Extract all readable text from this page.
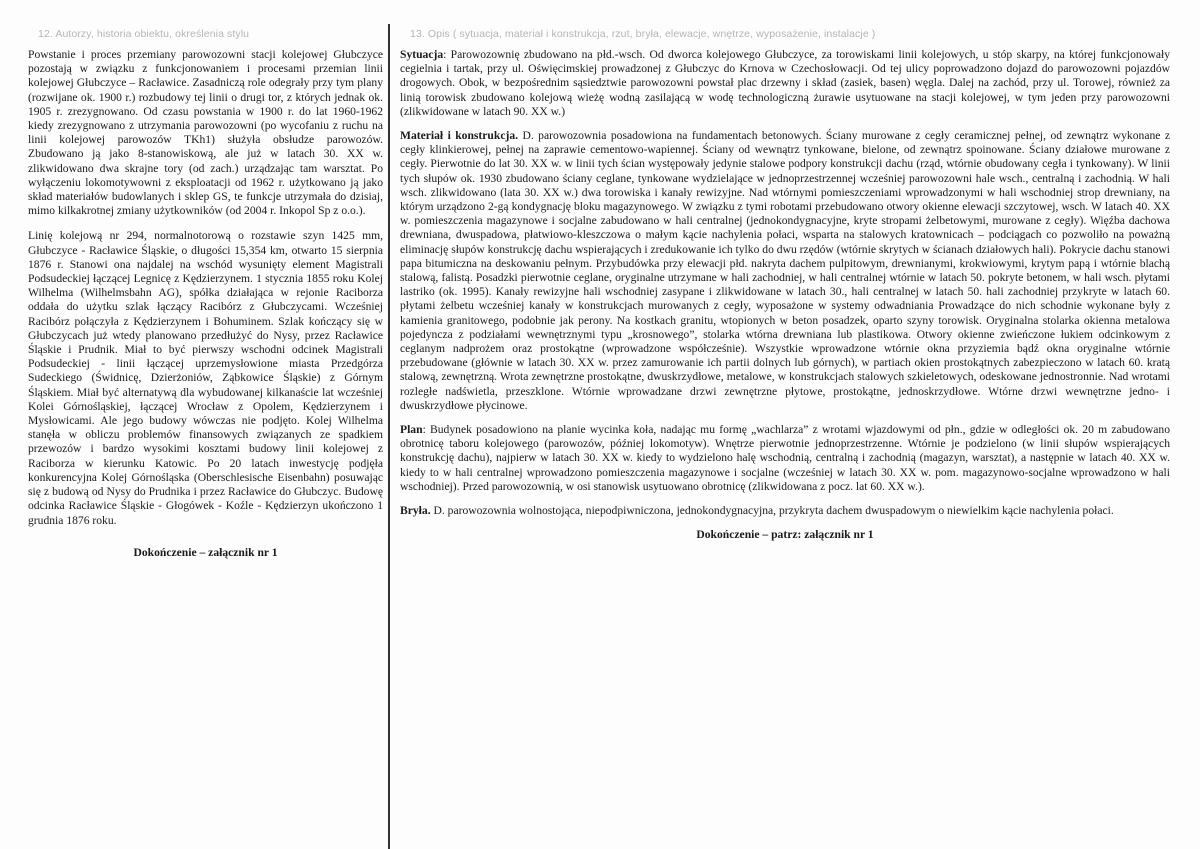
12. Autorzy, historia obiektu, określenia stylu

Powstanie i proces przemiany parowozowni stacji kolejowej Głubczyce pozostają w związku z funkcjonowaniem i procesami przemian linii kolejowej Głubczyce – Racławice. Zasadniczą role odegrały przy tym plany (rozwijane ok. 1900 r.) rozbudowy tej linii o drugi tor, z których jednak ok. 1905 r. zrezygnowano. Od czasu powstania w 1900 r. do lat 1960-1962 kiedy zrezygnowano z utrzymania parowozowni (po wycofaniu z ruchu na linii kolejowej parowozów TKh1) służyła obsłudze parowozów. Zbudowano ją jako 8-stanowiskową, ale już w latach 30. XX w. zlikwidowano dwa skrajne tory (od zach.) urządzając tam warsztat. Po wyłączeniu lokomotywowni z eksploatacji od 1962 r. użytkowano ją jako skład materiałów budowlanych i sklep GS, te funkcje utrzymała do dzisiaj, mimo kilkakrotnej zmiany użytkowników (od 2004 r. Inkopol Sp z o.o.).

Linię kolejową nr 294, normalnotorową o rozstawie szyn 1425 mm, Głubczyce - Racławice Śląskie, o długości 15,354 km, otwarto 15 sierpnia 1876 r. Stanowi ona najdalej na wschód wysunięty element Magistrali Podsudeckiej łączącej Legnicę z Kędzierzynem. 1 stycznia 1855 roku Kolej Wilhelma (Wilhelmsbahn AG), spółka działająca w rejonie Raciborza oddała do użytku szlak łączący Racibórz z Głubczycami. Wcześniej Racibórz połączyła z Kędzierzynem i Bohuminem. Szlak kończący się w Głubczycach już wtedy planowano przedłużyć do Nysy, przez Racławice Śląskie i Prudnik. Miał to być pierwszy wschodni odcinek Magistrali Podsudeckiej - linii łączącej uprzemysłowione miasta Przedgórza Sudeckiego (Świdnicę, Dzierżoniów, Ząbkowice Śląskie) z Górnym Śląskiem. Miał być alternatywą dla wybudowanej kilkanaście lat wcześniej Kolei Górnośląskiej, łączącej Wrocław z Opolem, Kędzierzynem i Mysłowicami. Ale jego budowy wówczas nie podjęto. Kolej Wilhelma stanęła w obliczu problemów finansowych związanych ze spadkiem przewozów i bardzo wysokimi kosztami budowy linii kolejowej z Raciborza w kierunku Katowic. Po 20 latach inwestycję podjęła konkurencyjna Kolej Górnośląska (Oberschlesische Eisenbahn) posuwając się z budową od Nysy do Prudnika i przez Racławice do Głubczyc. Budowę odcinka Racławice Śląskie - Głogówek - Koźle - Kędzierzyn ukończono 1 grudnia 1876 roku.

Dokończenie – załącznik nr 1
13. Opis ( sytuacja, materiał i konstrukcja, rzut, bryła, elewacje, wnętrze, wyposażenie, instalacje )

Sytuacja: Parowozownię zbudowano na płd.-wsch. Od dworca kolejowego Głubczyce, za torowiskami linii kolejowych, u stóp skarpy, na której funkcjonowały cegielnia i tartak, przy ul. Oświęcimskiej prowadzonej z Głubczyc do Krnova w Czechosłowacji. Od tej ulicy poprowadzono dojazd do parowozowni pojazdów drogowych. Obok, w bezpośrednim sąsiedztwie parowozowni powstał plac drzewny i skład (zasiek, basen) węgla. Dalej na zachód, przy ul. Torowej, również za linią torowisk zbudowano kolejową wieżę wodną zasilającą w wodę technologiczną żurawie usytuowane na stacji kolejowej, w tym jeden przy parowozowni (zlikwidowane w latach 90. XX w.)

Materiał i konstrukcja. D. parowozownia posadowiona na fundamentach betonowych. Ściany murowane z cegły ceramicznej pełnej, od zewnątrz wykonane z cegły klinkierowej, pełnej na zaprawie cementowo-wapiennej. Ściany od wewnątrz tynkowane, bielone, od zewnątrz spoinowane. Ściany działowe murowane z cegły. Pierwotnie do lat 30. XX w. w linii tych ścian występowały jedynie stalowe podpory konstrukcji dachu (rząd, wtórnie obudowany cegła i tynkowany). W linii tych słupów ok. 1930 zbudowano ściany ceglane, tynkowane wydzielające w jednoprzestrzennej wcześniej parowozowni hale wsch., centralną i zachodnią. W hali wsch. zlikwidowano (lata 30. XX w.) dwa torowiska i kanały rewizyjne. Nad wtórnymi pomieszczeniami wprowadzonymi w hali wschodniej strop drewniany, na którym urządzono 2-gą kondygnację bloku magazynowego. W związku z tymi robotami przebudowano otwory okienne elewacji szczytowej, wsch. W latach 40. XX w. pomieszczenia magazynowe i socjalne zabudowano w hali centralnej (jednokondygnacyjne, kryte stropami żelbetowymi, murowane z cegły). Więźba dachowa drewniana, dwuspadowa, płatwiowo-kleszczowa o małym kącie nachylenia połaci, wsparta na stalowych kratownicach – podciągach co pozwoliło na poważną eliminację słupów konstrukcję dachu wspierających i zredukowanie ich tylko do dwu rzędów (wtórnie skrytych w ścianach działowych hali). Pokrycie dachu stanowi papa bitumiczna na deskowaniu pełnym. Przybudówka przy elewacji płd. nakryta dachem pulpitowym, drewnianymi, krokwiowymi, krytym papą i wtórnie blachą stalową, falistą. Posadzki pierwotnie ceglane, oryginalne utrzymane w hali zachodniej, w hali centralnej wtórnie w latach 50. pokryte betonem, w hali wsch. płytami lastriko (ok. 1995). Kanały rewizyjne hali wschodniej zasypane i zlikwidowane w latach 30., hali centralnej w latach 50. hali zachodniej przykryte w latach 60. płytami żelbetu wcześniej kanały w konstrukcjach murowanych z cegły, wyposażone w systemy odwadniania Prowadzące do nich schodnie wykonane były z kamienia granitowego, podobnie jak perony. Na kostkach granitu, wtopionych w beton posadzek, oparto szyny torowisk. Oryginalna stolarka okienna metalowa pojedyncza z podziałami wewnętrznymi typu „krosnowego”, stolarka wtórna drewniana lub plastikowa. Otwory okienne zwieńczone łukiem odcinkowym z ceglanym nadprożem oraz prostokątne (wprowadzone współcześnie). Wszystkie wprowadzone wtórnie okna przyziemia bądź okna oryginalne wtórnie przebudowane (głównie w latach 30. XX w. przez zamurowanie ich partii dolnych lub górnych), w partiach okien prostokątnych zabezpieczono w latach 60. kratą stalową, zewnętrzną. Wrota zewnętrzne prostokątne, dwuskrzydłowe, metalowe, w konstrukcjach stalowych szkieletowych, odeskowane jednostronnie. Nad wrotami rozległe nadświetla, przeszklone. Wtórnie wprowadzane drzwi zewnętrzne płytowe, prostokątne, jednoskrzydłowe. Wtórne drzwi wewnętrzne jedno- i dwuskrzydłowe płycinowe.

Plan: Budynek posadowiono na planie wycinka koła, nadając mu formę „wachlarza” z wrotami wjazdowymi od płn., gdzie w odległości ok. 20 m zabudowano obrotnicę taboru kolejowego (parowozów, później lokomotyw). Wnętrze pierwotnie jednoprzestrzenne. Wtórnie je podzielono (w linii słupów wspierających konstrukcję dachu), najpierw w latach 30. XX w. kiedy to wydzielono halę wschodnią, centralną i zachodnią (magazyn, warsztat), a następnie w latach 40. XX w. kiedy to w hali centralnej wprowadzono pomieszczenia magazynowe i socjalne (wcześniej w latach 30. XX w. pom. magazynowo-socjalne wprowadzono w hali wschodniej). Przed parowozownią, w osi stanowisk usytuowano obrotnicę (zlikwidowana z pocz. lat 60. XX w.).

Bryła. D. parowozownia wolnostojąca, niepodpiwniczona, jednokondygnacyjna, przykryta dachem dwuspadowym o niewielkim kącie nachylenia połaci.

Dokończenie – patrz: załącznik nr 1
